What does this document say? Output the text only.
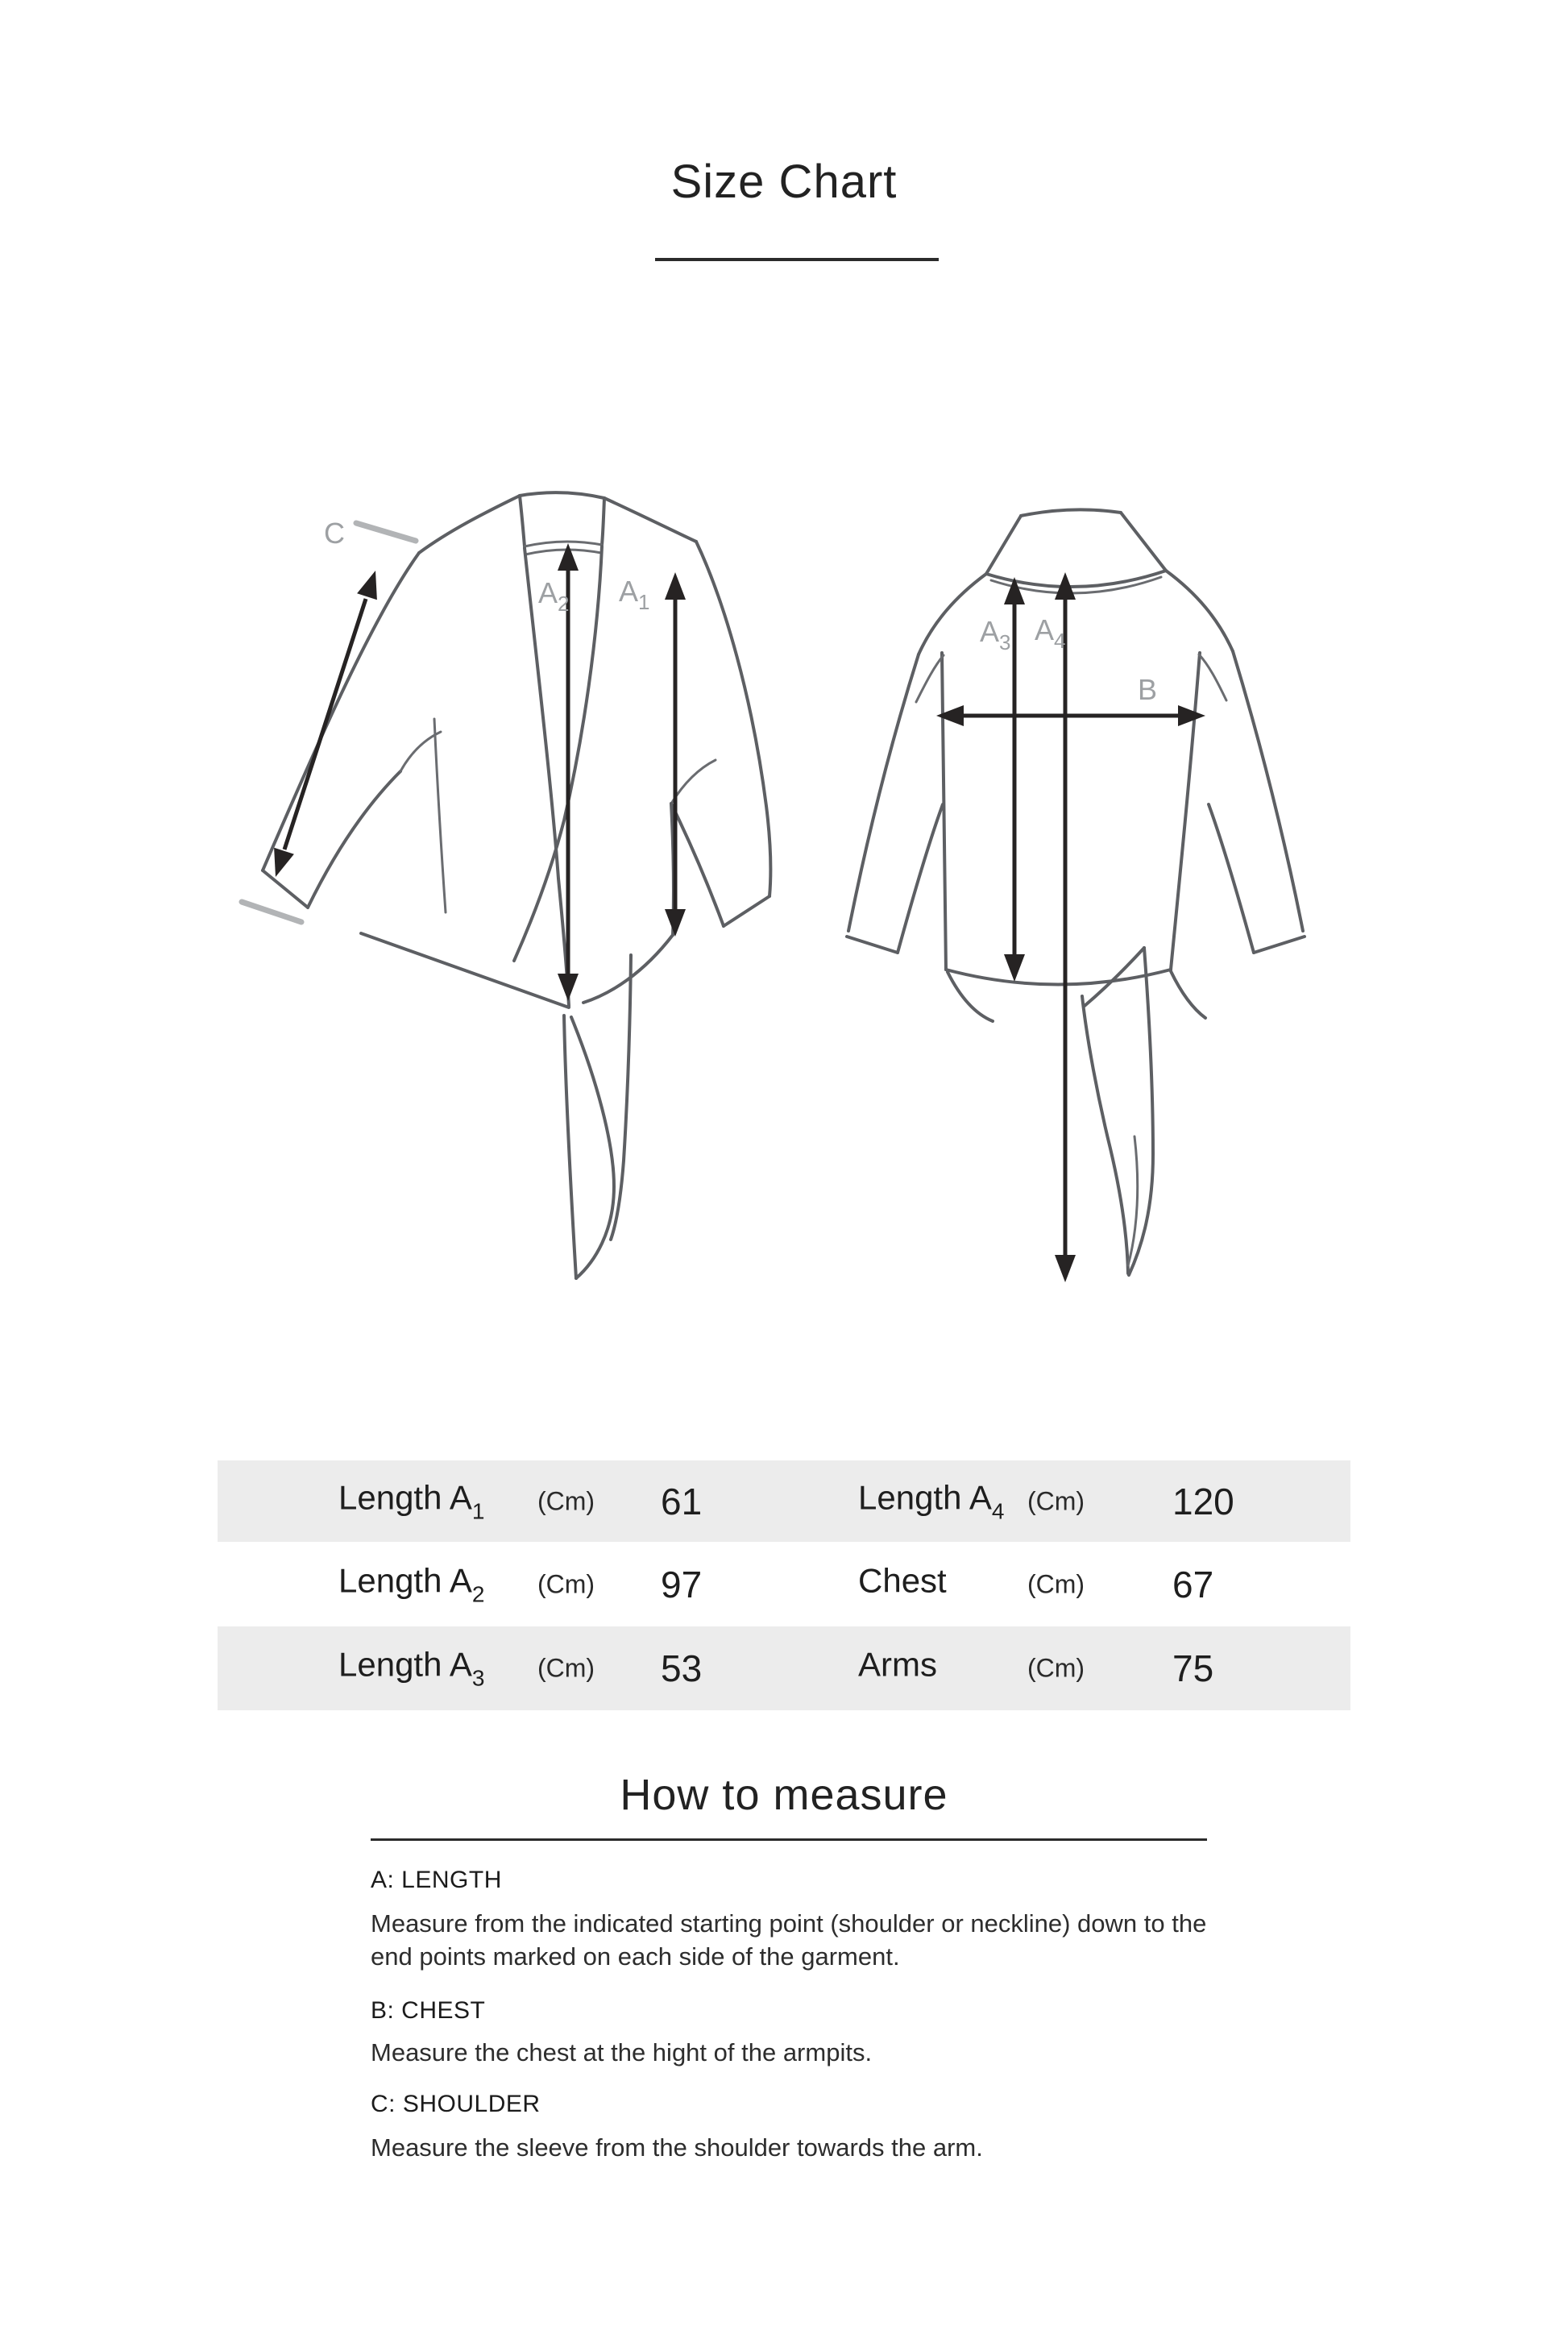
Size Chart
C
$A_2$ $A_1$
$A_3$ $A_4$
B
Length $A_1$ (Cm) 61	Length $A_4$ (Cm) 120
Length $A_2$ (Cm) 97	Chest	(Cm) 67
Length $A_3$ (Cm) 53	Arms	(Cm) 75
How to measure
A: LENGTH
Measure from the indicated starting point (shoulder or neckline) down to the end points marked on each side of the garment.
B: CHEST
Measure the chest at the hight of the armpits.
C: SHOULDER
Measure the sleeve from the shoulder towards the arm.
